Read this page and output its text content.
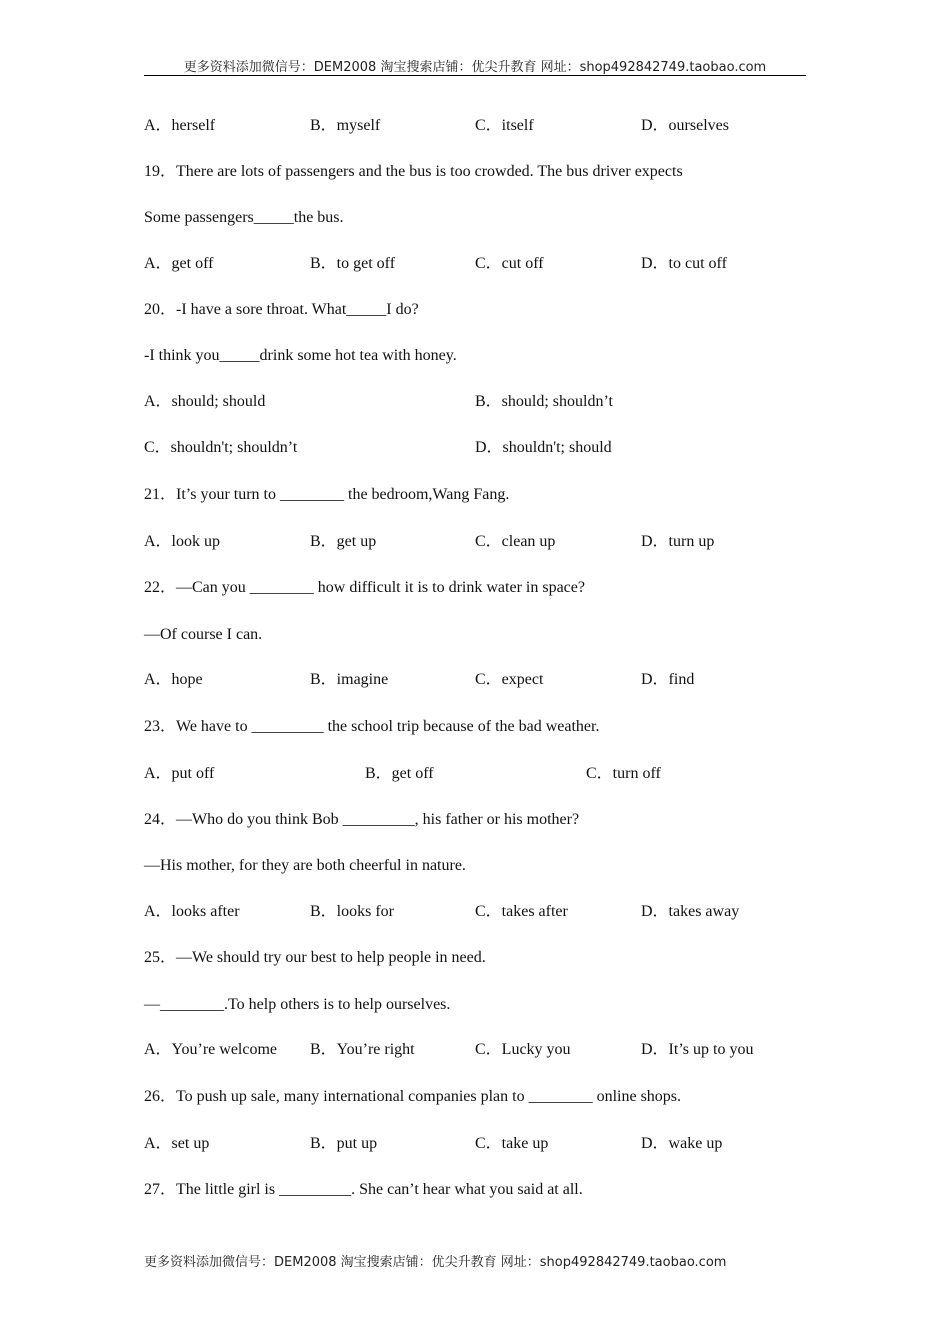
更多资料添加微信号：DEM2008 淘宝搜索店铺：优尖升教育 网址：shop492842749.taobao.com
A．herself	B．myself	C．itself	D．ourselves
19．There are lots of passengers and the bus is too crowded. The bus driver expects
Some passengers_____the bus.
A．get off	B．to get off	C．cut off	D．to cut off
20．-I have a sore throat. What_____I do?
-I think you_____drink some hot tea with honey.
A．should; should	B．should; shouldn’t
C．shouldn't; shouldn’t	D．shouldn't; should
21．It’s your turn to ________ the bedroom,Wang Fang.
A．look up	B．get up	C．clean up	D．turn up
22．—Can you ________ how difficult it is to drink water in space?
—Of course I can.
A．hope	B．imagine	C．expect	D．find
23．We have to _________ the school trip because of the bad weather.
A．put off	B．get off	C．turn off
24．—Who do you think Bob _________, his father or his mother?
—His mother, for they are both cheerful in nature.
A．looks after	B．looks for	C．takes after	D．takes away
25．—We should try our best to help people in need.
—________.To help others is to help ourselves.
A．You’re welcome B．You’re right	C．Lucky you	D．It’s up to you
26．To push up sale, many international companies plan to ________ online shops.
A．set up	B．put up	C．take up	D．wake up
27．The little girl is _________. She can’t hear what you said at all.
更多资料添加微信号：DEM2008 淘宝搜索店铺：优尖升教育 网址：shop492842749.taobao.com
